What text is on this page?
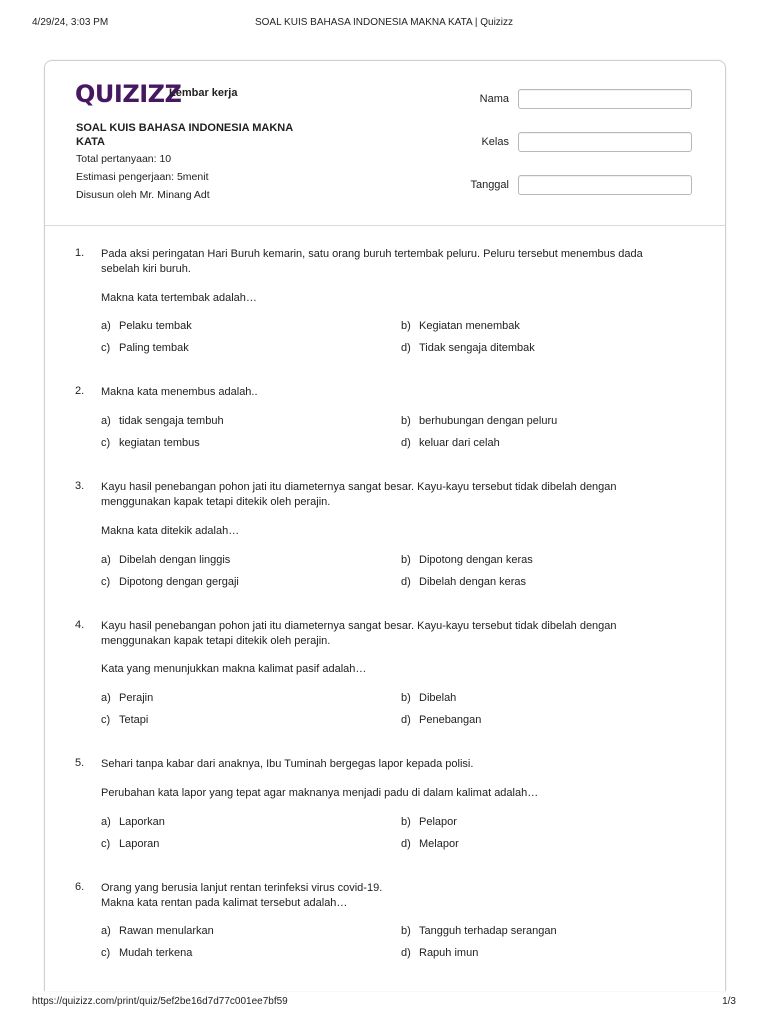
4/29/24, 3:03 PM	SOAL KUIS BAHASA INDONESIA MAKNA KATA | Quizizz
QUIZIZZ
Lembar kerja
SOAL KUIS BAHASA INDONESIA MAKNA KATA
Total pertanyaan: 10
Estimasi pengerjaan: 5menit
Disusun oleh Mr. Minang Adt
Nama
Kelas
Tanggal
1. Pada aksi peringatan Hari Buruh kemarin, satu orang buruh tertembak peluru. Peluru tersebut menembus dada sebelah kiri buruh.
Makna kata tertembak adalah…
a) Pelaku tembak	b) Kegiatan menembak
c) Paling tembak	d) Tidak sengaja ditembak
2. Makna kata menembus adalah..
a) tidak sengaja tembuh	b) berhubungan dengan peluru
c) kegiatan tembus	d) keluar dari celah
3. Kayu hasil penebangan pohon jati itu diameternya sangat besar. Kayu-kayu tersebut tidak dibelah dengan menggunakan kapak tetapi ditekik oleh perajin.
Makna kata ditekik adalah…
a) Dibelah dengan linggis	b) Dipotong dengan keras
c) Dipotong dengan gergaji	d) Dibelah dengan keras
4. Kayu hasil penebangan pohon jati itu diameternya sangat besar. Kayu-kayu tersebut tidak dibelah dengan menggunakan kapak tetapi ditekik oleh perajin.
Kata yang menunjukkan makna kalimat pasif adalah…
a) Perajin	b) Dibelah
c) Tetapi	d) Penebangan
5. Sehari tanpa kabar dari anaknya, Ibu Tuminah bergegas lapor kepada polisi.
Perubahan kata lapor yang tepat agar maknanya menjadi padu di dalam kalimat adalah…
a) Laporkan	b) Pelapor
c) Laporan	d) Melapor
6. Orang yang berusia lanjut rentan terinfeksi virus covid-19.
Makna kata rentan pada kalimat tersebut adalah…
a) Rawan menularkan	b) Tangguh terhadap serangan
c) Mudah terkena	d) Rapuh imun
https://quizizz.com/print/quiz/5ef2be16d7d77c001ee7bf59	1/3
